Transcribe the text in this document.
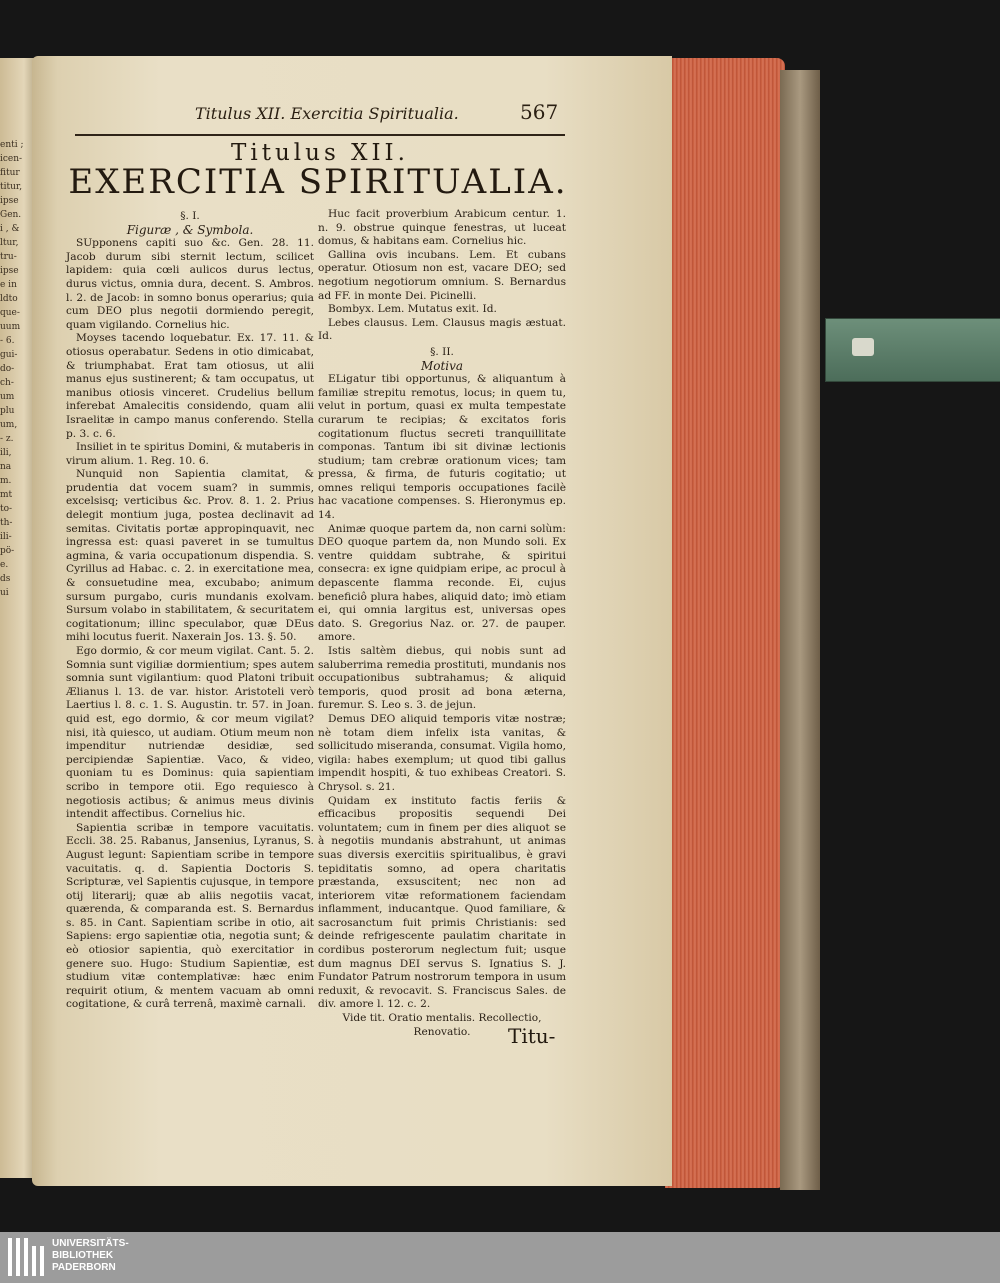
enti ;
icen-
fitur
titur,
ipse
Gen.
i , &
ltur,
tru-
ipse
e in
ldto
que-
uum
- 6.
gui-
do-
ch-
um
plu
um,
- z.
ili,
na
m.
mt
to-
th-
ili-
pö-
e.
ds
ui
Titulus XII. Exercitia Spiritualia.	567
Titulus XII.
EXERCITIA SPIRITUALIA.

§. I.

Figuræ , & Symbola.

SUpponens capiti suo &c. Gen. 28. 11. Jacob durum sibi sternit lectum, scilicet lapidem: quia cœli aulicos durus lectus, durus victus, omnia dura, decent. S. Ambros. l. 2. de Jacob: in somno bonus operarius; quia cum DEO plus negotii dormiendo peregit, quam vigilando. Cornelius hic.

Moyses tacendo loquebatur. Ex. 17. 11. & otiosus operabatur. Sedens in otio dimicabat, & triumphabat. Erat tam otiosus, ut alii manus ejus sustinerent; & tam occupatus, ut manibus otiosis vinceret. Crudelius bellum inferebat Amalecitis considendo, quam alii Israelitæ in campo manus conferendo. Stella p. 3. c. 6.

Insiliet in te spiritus Domini, & mutaberis in virum alium. 1. Reg. 10. 6.

Nunquid non Sapientia clamitat, & prudentia dat vocem suam? in summis, excelsisq; verticibus &c. Prov. 8. 1. 2. Prius delegit montium juga, postea declinavit ad semitas. Civitatis portæ appropinquavit, nec ingressa est: quasi paveret in se tumultus agmina, & varia occupationum dispendia. S. Cyrillus ad Habac. c. 2. in exercitatione mea, & consuetudine mea, excubabo; animum sursum purgabo, curis mundanis exolvam. Sursum volabo in stabilitatem, & securitatem cogitationum; illinc speculabor, quæ DEus mihi locutus fuerit. Naxerain Jos. 13. §. 50.

Ego dormio, & cor meum vigilat. Cant. 5. 2. Somnia sunt vigiliæ dormientium; spes autem somnia sunt vigilantium: quod Platoni tribuit Ælianus l. 13. de var. histor. Aristoteli verò Laertius l. 8. c. 1. S. Augustin. tr. 57. in Joan. quid est, ego dormio, & cor meum vigilat? nisi, ità quiesco, ut audiam. Otium meum non impenditur nutriendæ desidiæ, sed percipiendæ Sapientiæ. Vaco, & video, quoniam tu es Dominus: quia sapientiam scribo in tempore otii. Ego requiesco à negotiosis actibus; & animus meus divinis intendit affectibus. Cornelius hic.

Sapientia scribæ in tempore vacuitatis. Eccli. 38. 25. Rabanus, Jansenius, Lyranus, S. August legunt: Sapientiam scribe in tempore vacuitatis. q. d. Sapientia Doctoris S. Scripturæ, vel Sapientis cujusque, in tempore otij literarij; quæ ab aliis negotiis vacat, quærenda, & comparanda est. S. Bernardus s. 85. in Cant. Sapientiam scribe in otio, ait Sapiens: ergo sapientiæ otia, negotia sunt; & eò otiosior sapientia, quò exercitatior in genere suo. Hugo: Studium Sapientiæ, est studium vitæ contemplativæ: hæc enim requirit otium, & mentem vacuam ab omni cogitatione, & curâ terrenâ, maximè carnali.

Huc facit proverbium Arabicum centur. 1. n. 9. obstrue quinque fenestras, ut luceat domus, & habitans eam. Cornelius hic.

Gallina ovis incubans. Lem. Et cubans operatur. Otiosum non est, vacare DEO; sed negotium negotiorum omnium. S. Bernardus ad FF. in monte Dei. Picinelli.

Bombyx. Lem. Mutatus exit. Id.

Lebes clausus. Lem. Clausus magis æstuat. Id.

§. II.

Motiva

ELigatur tibi opportunus, & aliquantum à familiæ strepitu remotus, locus; in quem tu, velut in portum, quasi ex multa tempestate curarum te recipias; & excitatos foris cogitationum fluctus secreti tranquillitate componas. Tantum ibi sit divinæ lectionis studium; tam crebræ orationum vices; tam pressa, & firma, de futuris cogitatio; ut omnes reliqui temporis occupationes facilè hac vacatione compenses. S. Hieronymus ep. 14.

Animæ quoque partem da, non carni solùm: DEO quoque partem da, non Mundo soli. Ex ventre quiddam subtrahe, & spiritui consecra: ex igne quidpiam eripe, ac procul à depascente flamma reconde. Ei, cujus beneficiô plura habes, aliquid dato; imò etiam ei, qui omnia largitus est, universas opes dato. S. Gregorius Naz. or. 27. de pauper. amore.

Istis saltèm diebus, qui nobis sunt ad saluberrima remedia prostituti, mundanis nos occupationibus subtrahamus; & aliquid temporis, quod prosit ad bona æterna, furemur. S. Leo s. 3. de jejun.

Demus DEO aliquid temporis vitæ nostræ; nè totam diem infelix ista vanitas, & sollicitudo miseranda, consumat. Vigila homo, vigila: habes exemplum; ut quod tibi gallus impendit hospiti, & tuo exhibeas Creatori. S. Chrysol. s. 21.

Quidam ex instituto factis feriis & efficacibus propositis sequendi Dei voluntatem; cum in finem per dies aliquot se à negotiis mundanis abstrahunt, ut animas suas diversis exercitiis spiritualibus, è gravi tepiditatis somno, ad opera charitatis præstanda, exsuscitent; nec non ad interiorem vitæ reformationem faciendam inflamment, inducantque. Quod familiare, & sacrosanctum fuit primis Christianis: sed deinde refrigescente paulatim charitate in cordibus posterorum neglectum fuit; usque dum magnus DEI servus S. Ignatius S. J. Fundator Patrum nostrorum tempora in usum reduxit, & revocavit. S. Franciscus Sales. de div. amore l. 12. c. 2.

Vide tit. Oratio mentalis. Recollectio, Renovatio.	Titu-
UNIVERSITÄTS-
BIBLIOTHEK
PADERBORN
